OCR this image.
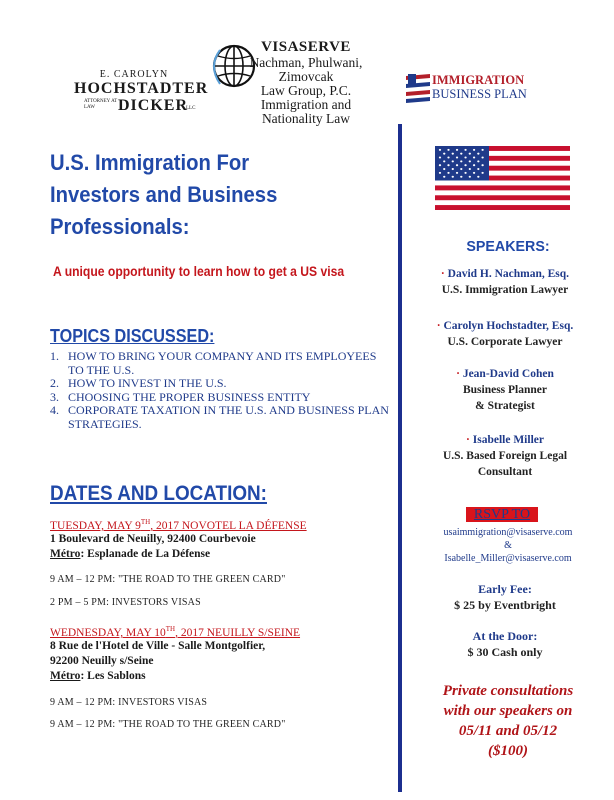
E. CAROLYN
HOCHSTADTER
ATTORNEY AT LAW	DICKER
LLC
VISASERVE
Nachman, Phulwani, Zimovcak
Law Group, P.C.
Immigration and Nationality Law
IMMIGRATION
BUSINESS PLAN
U.S. Immigration For Investors and Business Professionals:

A unique opportunity to learn how to get a US visa

TOPICS DISCUSSED:
1. HOW TO BRING YOUR COMPANY AND ITS EMPLOYEES TO THE U.S.
2. HOW TO INVEST IN THE U.S.
3. CHOOSING THE PROPER BUSINESS ENTITY
4. CORPORATE TAXATION IN THE U.S. AND BUSINESS PLAN STRATEGIES.
DATES AND LOCATION:
TUESDAY, MAY 9TH, 2017 NOVOTEL LA DÉFENSE
1 Boulevard de Neuilly, 92400 Courbevoie
Métro: Esplanade de La Défense
9 AM – 12 PM: "THE ROAD TO THE GREEN CARD"
2 PM – 5 PM: INVESTORS VISAS
WEDNESDAY, MAY 10TH, 2017 NEUILLY S/SEINE
8 Rue de l'Hotel de Ville - Salle Montgolfier,
92200 Neuilly s/Seine
Métro: Les Sablons
9 AM – 12 PM: INVESTORS VISAS
9 AM – 12 PM: "THE ROAD TO THE GREEN CARD"
SPEAKERS:
· David H. Nachman, Esq.
U.S. Immigration Lawyer
· Carolyn Hochstadter, Esq.
U.S. Corporate Lawyer
· Jean-David Cohen
Business Planner
& Strategist
· Isabelle Miller
U.S. Based Foreign Legal
Consultant
RSVP TO
usaimmigration@visaserve.com
&
Isabelle_Miller@visaserve.com
Early Fee:
$ 25 by Eventbright
At the Door:
$ 30 Cash only
Private consultations
with our speakers on
05/11 and 05/12
($100)
